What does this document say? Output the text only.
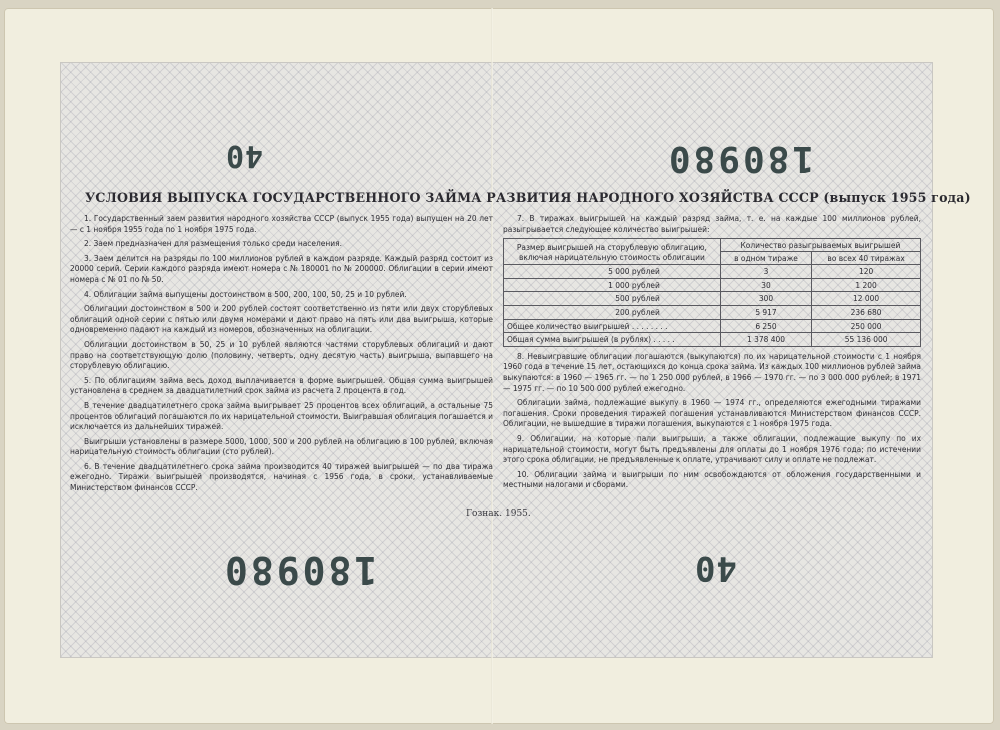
40	180980
180980	40
УСЛОВИЯ ВЫПУСКА ГОСУДАРСТВЕННОГО ЗАЙМА РАЗВИТИЯ НАРОДНОГО ХОЗЯЙСТВА СССР (выпуск 1955 года)

1. Государственный заем развития народного хозяйства СССР (выпуск 1955 года) выпущен на 20 лет — с 1 ноября 1955 года по 1 ноября 1975 года.

2. Заем предназначен для размещения только среди населения.

3. Заем делится на разряды по 100 миллионов рублей в каждом разряде. Каждый разряд состоит из 20000 серий. Серии каждого разряда имеют номера с № 180001 по № 200000. Облигации в серии имеют номера с № 01 по № 50.

4. Облигации займа выпущены достоинством в 500, 200, 100, 50, 25 и 10 рублей.

Облигации достоинством в 500 и 200 рублей состоят соответственно из пяти или двух сторублевых облигаций одной серии с пятью или двумя номерами и дают право на пять или два выигрыша, которые одновременно падают на каждый из номеров, обозначенных на облигации.

Облигации достоинством в 50, 25 и 10 рублей являются частями сторублевых облигаций и дают право на соответствующую долю (половину, четверть, одну десятую часть) выигрыша, выпавшего на сторублевую облигацию.

5. По облигациям займа весь доход выплачивается в форме выигрышей. Общая сумма выигрышей установлена в среднем за двадцатилетний срок займа из расчета 2 процента в год.

В течение двадцатилетнего срока займа выигрывает 25 процентов всех облигаций, а остальные 75 процентов облигаций погашаются по их нарицательной стоимости. Выигравшая облигация погашается и исключается из дальнейших тиражей.

Выигрыши установлены в размере 5000, 1000, 500 и 200 рублей на облигацию в 100 рублей, включая нарицательную стоимость облигации (сто рублей).

6. В течение двадцатилетнего срока займа производится 40 тиражей выигрышей — по два тиража ежегодно. Тиражи выигрышей производятся, начиная с 1956 года, в сроки, устанавливаемые Министерством финансов СССР.

7. В тиражах выигрышей на каждый разряд займа, т. е. на каждые 100 миллионов рублей, разыгрывается следующее количество выигрышей:

Размер выигрышей на сторублевую облигацию, включая нарицательную стоимость облигации	Количество разыгрываемых выигрышей	
	в одном тираже	во всех 40 тиражах
5 000 рублей	3	120
1 000 рублей	30	1 200
500 рублей	300	12 000
200 рублей	5 917	236 680
Общее количество выигрышей . . . . . . . .	6 250	250 000
Общая сумма выигрышей (в рублях) . . . . .	1 378 400	55 136 000

8. Невыигравшие облигации погашаются (выкупаются) по их нарицательной стоимости с 1 ноября 1960 года в течение 15 лет, остающихся до конца срока займа. Из каждых 100 миллионов рублей займа выкупаются: в 1960 — 1965 гг. — по 1 250 000 рублей, в 1966 — 1970 гг. — по 3 000 000 рублей; в 1971 — 1975 гг. — по 10 500 000 рублей ежегодно.

Облигации займа, подлежащие выкупу в 1960 — 1974 гг., определяются ежегодными тиражами погашения. Сроки проведения тиражей погашения устанавливаются Министерством финансов СССР. Облигации, не вышедшие в тиражи погашения, выкупаются с 1 ноября 1975 года.

9. Облигации, на которые пали выигрыши, а также облигации, подлежащие выкупу по их нарицательной стоимости, могут быть предъявлены для оплаты до 1 ноября 1976 года; по истечении этого срока облигации, не предъявленные к оплате, утрачивают силу и оплате не подлежат.

10. Облигации займа и выигрыши по ним освобождаются от обложения государственными и местными налогами и сборами.

Гознак. 1955.
